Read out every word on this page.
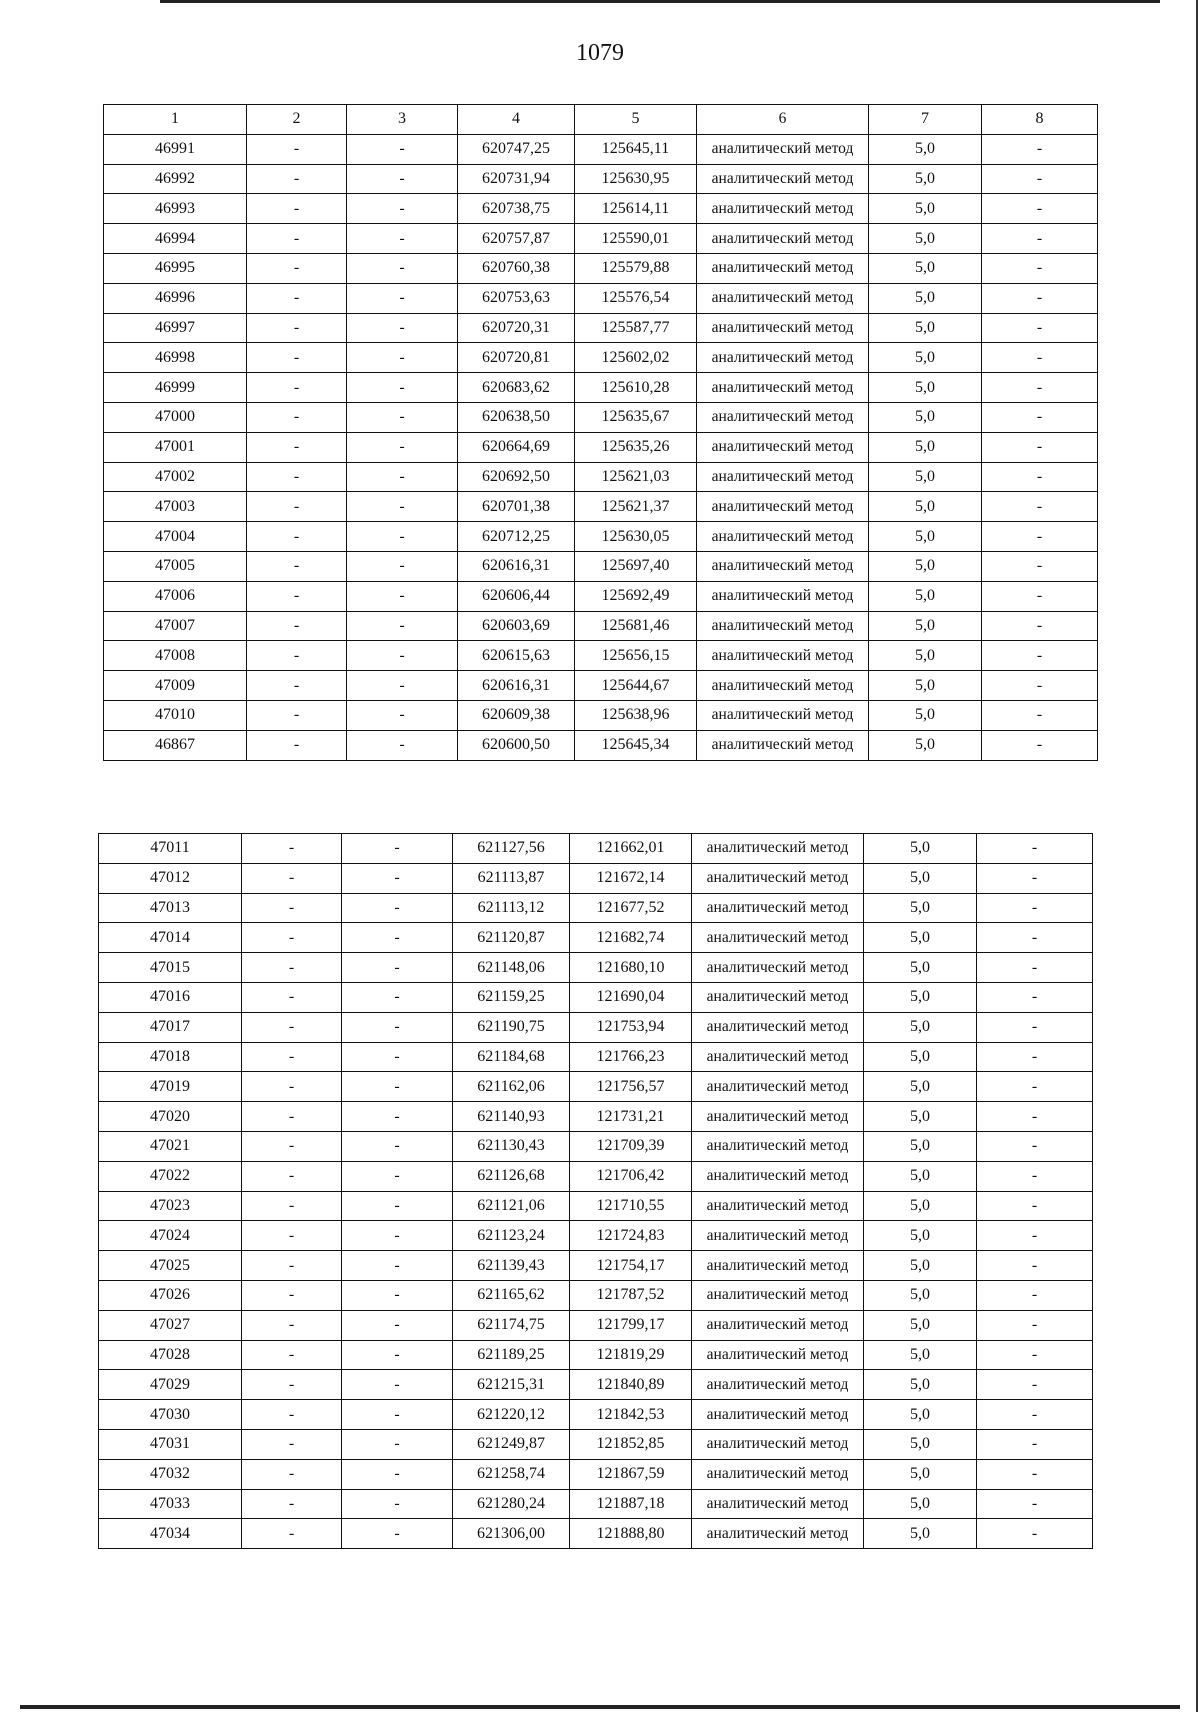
1079
1	2	3	4	5	6	7	8
46991	-	-	620747,25	125645,11	аналитический метод	5,0	-
46992	-	-	620731,94	125630,95	аналитический метод	5,0	-
46993	-	-	620738,75	125614,11	аналитический метод	5,0	-
46994	-	-	620757,87	125590,01	аналитический метод	5,0	-
46995	-	-	620760,38	125579,88	аналитический метод	5,0	-
46996	-	-	620753,63	125576,54	аналитический метод	5,0	-
46997	-	-	620720,31	125587,77	аналитический метод	5,0	-
46998	-	-	620720,81	125602,02	аналитический метод	5,0	-
46999	-	-	620683,62	125610,28	аналитический метод	5,0	-
47000	-	-	620638,50	125635,67	аналитический метод	5,0	-
47001	-	-	620664,69	125635,26	аналитический метод	5,0	-
47002	-	-	620692,50	125621,03	аналитический метод	5,0	-
47003	-	-	620701,38	125621,37	аналитический метод	5,0	-
47004	-	-	620712,25	125630,05	аналитический метод	5,0	-
47005	-	-	620616,31	125697,40	аналитический метод	5,0	-
47006	-	-	620606,44	125692,49	аналитический метод	5,0	-
47007	-	-	620603,69	125681,46	аналитический метод	5,0	-
47008	-	-	620615,63	125656,15	аналитический метод	5,0	-
47009	-	-	620616,31	125644,67	аналитический метод	5,0	-
47010	-	-	620609,38	125638,96	аналитический метод	5,0	-
46867	-	-	620600,50	125645,34	аналитический метод	5,0	-
47011	-	-	621127,56	121662,01	аналитический метод	5,0	-
47012	-	-	621113,87	121672,14	аналитический метод	5,0	-
47013	-	-	621113,12	121677,52	аналитический метод	5,0	-
47014	-	-	621120,87	121682,74	аналитический метод	5,0	-
47015	-	-	621148,06	121680,10	аналитический метод	5,0	-
47016	-	-	621159,25	121690,04	аналитический метод	5,0	-
47017	-	-	621190,75	121753,94	аналитический метод	5,0	-
47018	-	-	621184,68	121766,23	аналитический метод	5,0	-
47019	-	-	621162,06	121756,57	аналитический метод	5,0	-
47020	-	-	621140,93	121731,21	аналитический метод	5,0	-
47021	-	-	621130,43	121709,39	аналитический метод	5,0	-
47022	-	-	621126,68	121706,42	аналитический метод	5,0	-
47023	-	-	621121,06	121710,55	аналитический метод	5,0	-
47024	-	-	621123,24	121724,83	аналитический метод	5,0	-
47025	-	-	621139,43	121754,17	аналитический метод	5,0	-
47026	-	-	621165,62	121787,52	аналитический метод	5,0	-
47027	-	-	621174,75	121799,17	аналитический метод	5,0	-
47028	-	-	621189,25	121819,29	аналитический метод	5,0	-
47029	-	-	621215,31	121840,89	аналитический метод	5,0	-
47030	-	-	621220,12	121842,53	аналитический метод	5,0	-
47031	-	-	621249,87	121852,85	аналитический метод	5,0	-
47032	-	-	621258,74	121867,59	аналитический метод	5,0	-
47033	-	-	621280,24	121887,18	аналитический метод	5,0	-
47034	-	-	621306,00	121888,80	аналитический метод	5,0	-
